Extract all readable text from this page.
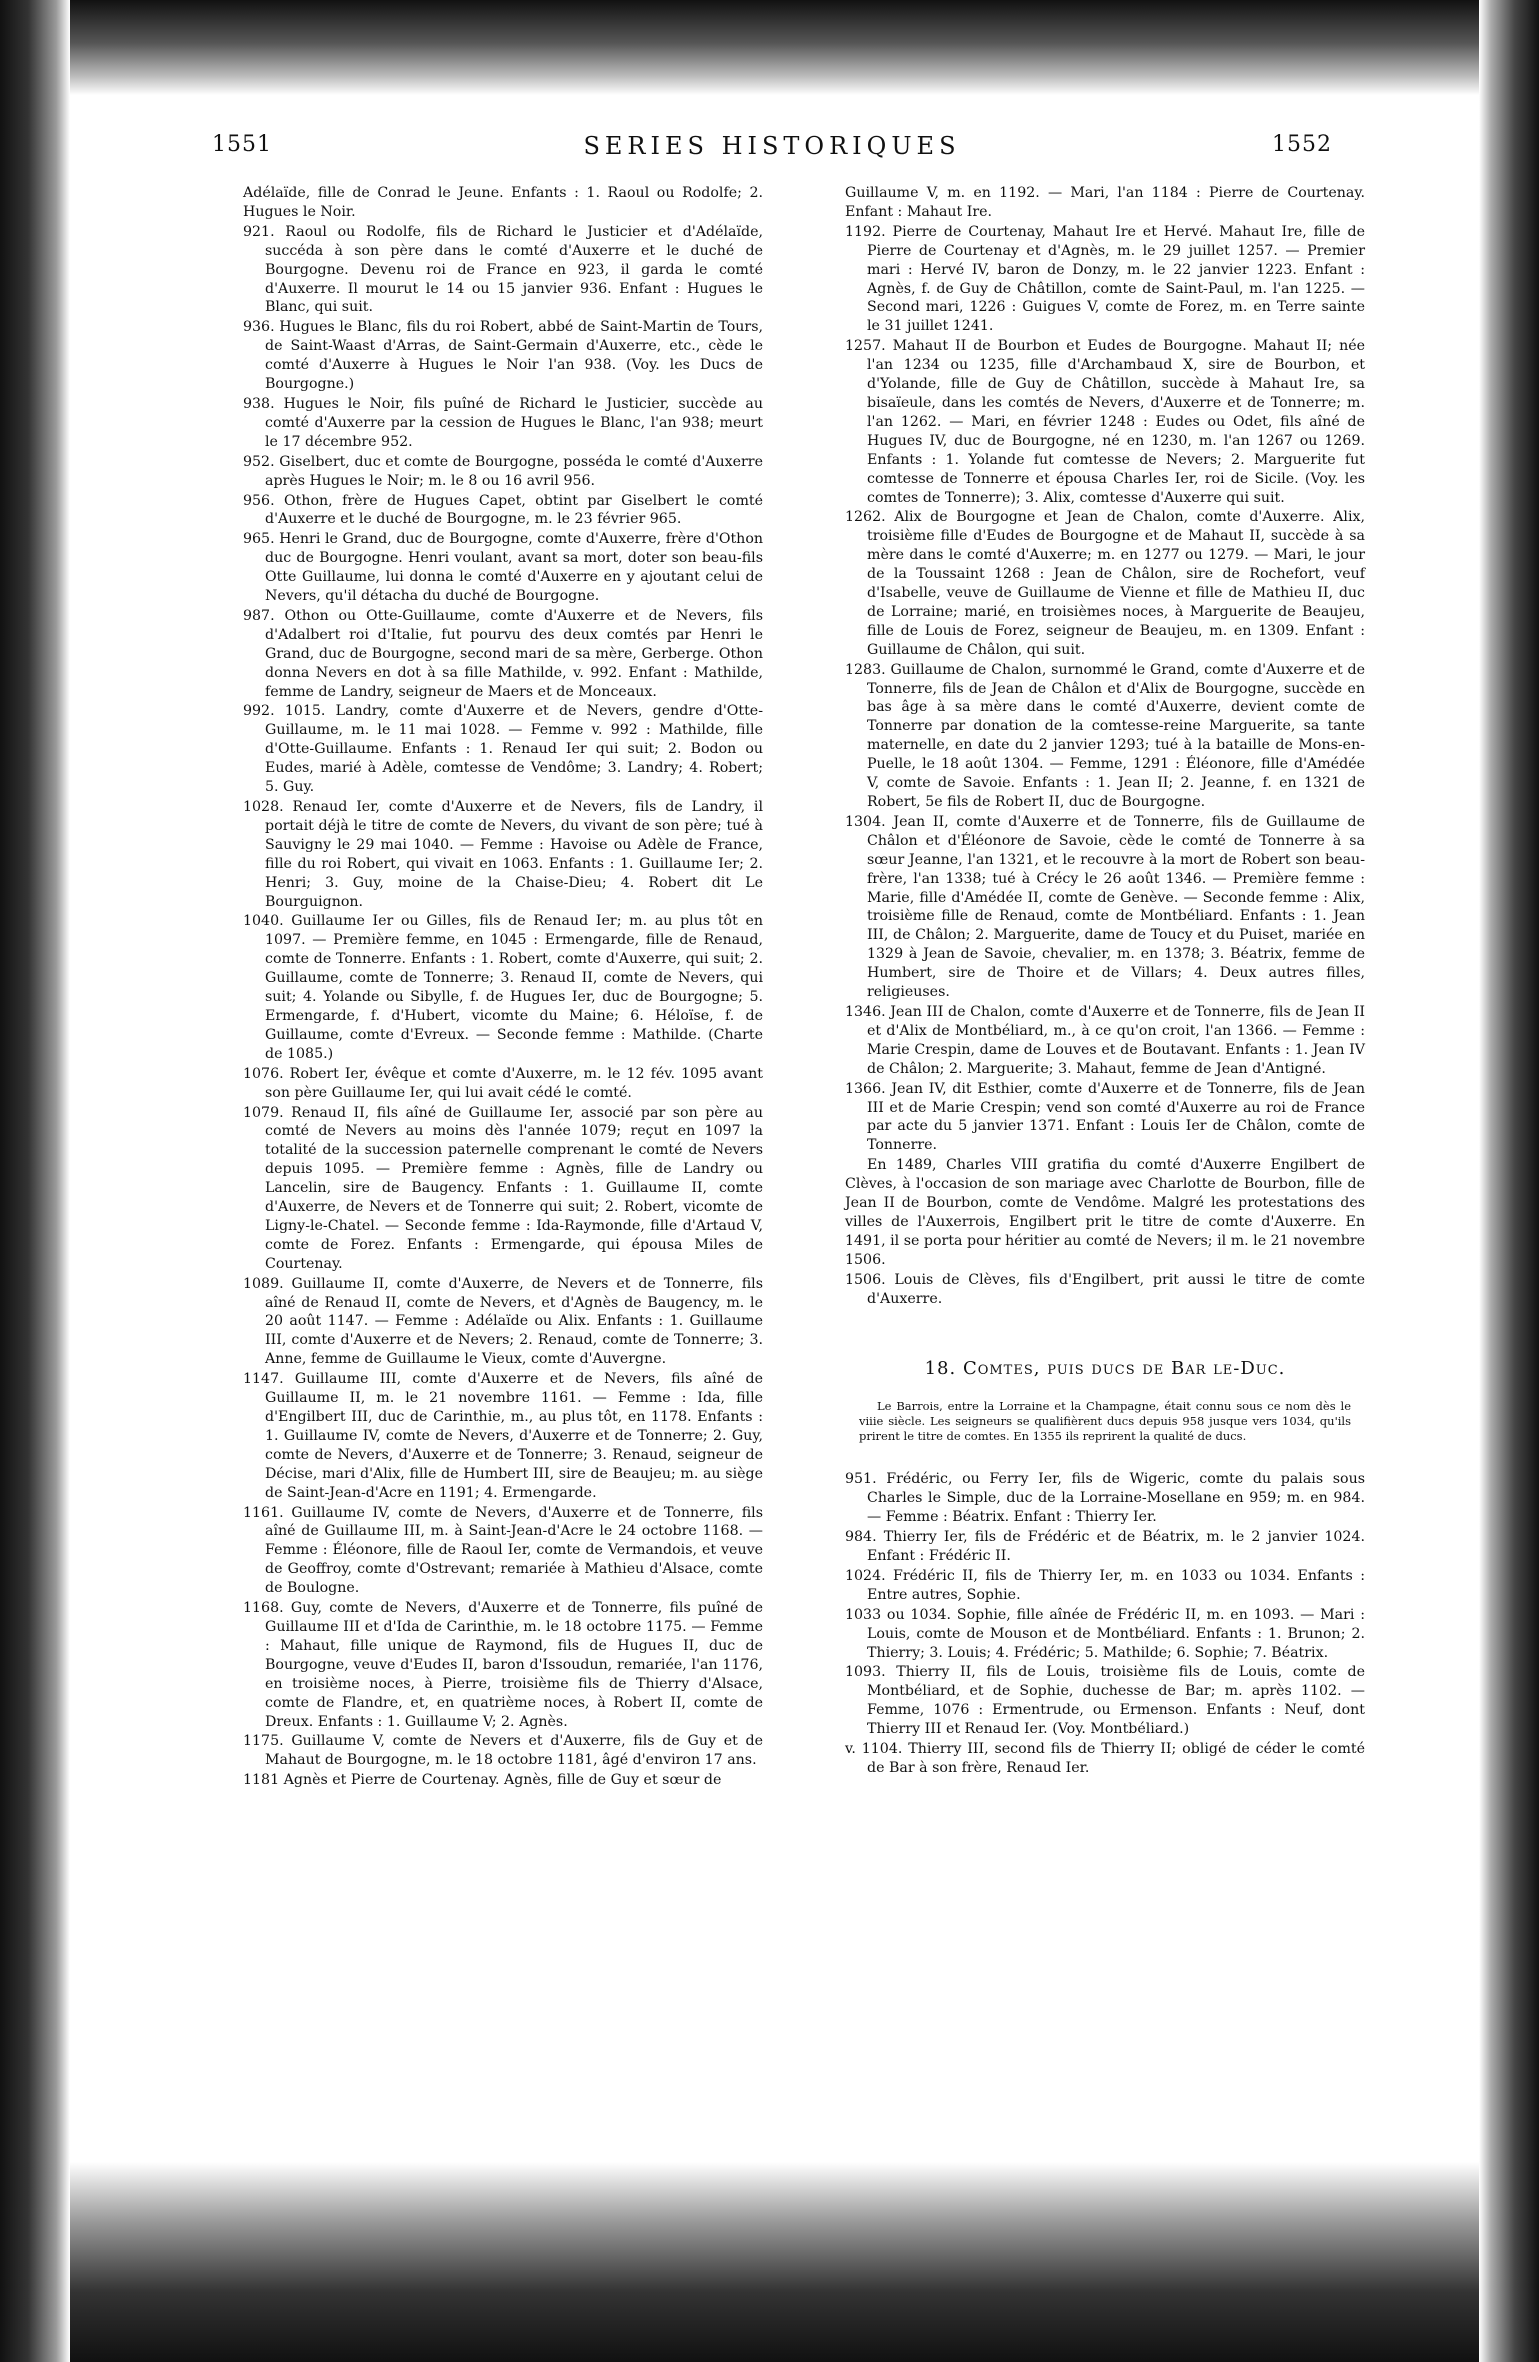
1551	SERIES HISTORIQUES	1552

Adélaïde, fille de Conrad le Jeune. Enfants : 1. Raoul ou Rodolfe; 2. Hugues le Noir.

921. Raoul ou Rodolfe, fils de Richard le Justicier et d'Adélaïde, succéda à son père dans le comté d'Auxerre et le duché de Bourgogne. Devenu roi de France en 923, il garda le comté d'Auxerre. Il mourut le 14 ou 15 janvier 936. Enfant : Hugues le Blanc, qui suit.

936. Hugues le Blanc, fils du roi Robert, abbé de Saint-Martin de Tours, de Saint-Waast d'Arras, de Saint-Germain d'Auxerre, etc., cède le comté d'Auxerre à Hugues le Noir l'an 938. (Voy. les Ducs de Bourgogne.)

938. Hugues le Noir, fils puîné de Richard le Justicier, succède au comté d'Auxerre par la cession de Hugues le Blanc, l'an 938; meurt le 17 décembre 952.

952. Giselbert, duc et comte de Bourgogne, posséda le comté d'Auxerre après Hugues le Noir; m. le 8 ou 16 avril 956.

956. Othon, frère de Hugues Capet, obtint par Giselbert le comté d'Auxerre et le duché de Bourgogne, m. le 23 février 965.

965. Henri le Grand, duc de Bourgogne, comte d'Auxerre, frère d'Othon duc de Bourgogne. Henri voulant, avant sa mort, doter son beau-fils Otte Guillaume, lui donna le comté d'Auxerre en y ajoutant celui de Nevers, qu'il détacha du duché de Bourgogne.

987. Othon ou Otte-Guillaume, comte d'Auxerre et de Nevers, fils d'Adalbert roi d'Italie, fut pourvu des deux comtés par Henri le Grand, duc de Bourgogne, second mari de sa mère, Gerberge. Othon donna Nevers en dot à sa fille Mathilde, v. 992. Enfant : Mathilde, femme de Landry, seigneur de Maers et de Monceaux.

992. 1015. Landry, comte d'Auxerre et de Nevers, gendre d'Otte-Guillaume, m. le 11 mai 1028. — Femme v. 992 : Mathilde, fille d'Otte-Guillaume. Enfants : 1. Renaud Ier qui suit; 2. Bodon ou Eudes, marié à Adèle, comtesse de Vendôme; 3. Landry; 4. Robert; 5. Guy.

1028. Renaud Ier, comte d'Auxerre et de Nevers, fils de Landry, il portait déjà le titre de comte de Nevers, du vivant de son père; tué à Sauvigny le 29 mai 1040. — Femme : Havoise ou Adèle de France, fille du roi Robert, qui vivait en 1063. Enfants : 1. Guillaume Ier; 2. Henri; 3. Guy, moine de la Chaise-Dieu; 4. Robert dit Le Bourguignon.

1040. Guillaume Ier ou Gilles, fils de Renaud Ier; m. au plus tôt en 1097. — Première femme, en 1045 : Ermengarde, fille de Renaud, comte de Tonnerre. Enfants : 1. Robert, comte d'Auxerre, qui suit; 2. Guillaume, comte de Tonnerre; 3. Renaud II, comte de Nevers, qui suit; 4. Yolande ou Sibylle, f. de Hugues Ier, duc de Bourgogne; 5. Ermengarde, f. d'Hubert, vicomte du Maine; 6. Héloïse, f. de Guillaume, comte d'Evreux. — Seconde femme : Mathilde. (Charte de 1085.)

1076. Robert Ier, évêque et comte d'Auxerre, m. le 12 fév. 1095 avant son père Guillaume Ier, qui lui avait cédé le comté.

1079. Renaud II, fils aîné de Guillaume Ier, associé par son père au comté de Nevers au moins dès l'année 1079; reçut en 1097 la totalité de la succession paternelle comprenant le comté de Nevers depuis 1095. — Première femme : Agnès, fille de Landry ou Lancelin, sire de Baugency. Enfants : 1. Guillaume II, comte d'Auxerre, de Nevers et de Tonnerre qui suit; 2. Robert, vicomte de Ligny-le-Chatel. — Seconde femme : Ida-Raymonde, fille d'Artaud V, comte de Forez. Enfants : Ermengarde, qui épousa Miles de Courtenay.

1089. Guillaume II, comte d'Auxerre, de Nevers et de Tonnerre, fils aîné de Renaud II, comte de Nevers, et d'Agnès de Baugency, m. le 20 août 1147. — Femme : Adélaïde ou Alix. Enfants : 1. Guillaume III, comte d'Auxerre et de Nevers; 2. Renaud, comte de Tonnerre; 3. Anne, femme de Guillaume le Vieux, comte d'Auvergne.

1147. Guillaume III, comte d'Auxerre et de Nevers, fils aîné de Guillaume II, m. le 21 novembre 1161. — Femme : Ida, fille d'Engilbert III, duc de Carinthie, m., au plus tôt, en 1178. Enfants : 1. Guillaume IV, comte de Nevers, d'Auxerre et de Tonnerre; 2. Guy, comte de Nevers, d'Auxerre et de Tonnerre; 3. Renaud, seigneur de Décise, mari d'Alix, fille de Humbert III, sire de Beaujeu; m. au siège de Saint-Jean-d'Acre en 1191; 4. Ermengarde.

1161. Guillaume IV, comte de Nevers, d'Auxerre et de Tonnerre, fils aîné de Guillaume III, m. à Saint-Jean-d'Acre le 24 octobre 1168. — Femme : Éléonore, fille de Raoul Ier, comte de Vermandois, et veuve de Geoffroy, comte d'Ostrevant; remariée à Mathieu d'Alsace, comte de Boulogne.

1168. Guy, comte de Nevers, d'Auxerre et de Tonnerre, fils puîné de Guillaume III et d'Ida de Carinthie, m. le 18 octobre 1175. — Femme : Mahaut, fille unique de Raymond, fils de Hugues II, duc de Bourgogne, veuve d'Eudes II, baron d'Issoudun, remariée, l'an 1176, en troisième noces, à Pierre, troisième fils de Thierry d'Alsace, comte de Flandre, et, en quatrième noces, à Robert II, comte de Dreux. Enfants : 1. Guillaume V; 2. Agnès.

1175. Guillaume V, comte de Nevers et d'Auxerre, fils de Guy et de Mahaut de Bourgogne, m. le 18 octobre 1181, âgé d'environ 17 ans.

1181 Agnès et Pierre de Courtenay. Agnès, fille de Guy et sœur de

Guillaume V, m. en 1192. — Mari, l'an 1184 : Pierre de Courtenay. Enfant : Mahaut Ire.

1192. Pierre de Courtenay, Mahaut Ire et Hervé. Mahaut Ire, fille de Pierre de Courtenay et d'Agnès, m. le 29 juillet 1257. — Premier mari : Hervé IV, baron de Donzy, m. le 22 janvier 1223. Enfant : Agnès, f. de Guy de Châtillon, comte de Saint-Paul, m. l'an 1225. — Second mari, 1226 : Guigues V, comte de Forez, m. en Terre sainte le 31 juillet 1241.

1257. Mahaut II de Bourbon et Eudes de Bourgogne. Mahaut II; née l'an 1234 ou 1235, fille d'Archambaud X, sire de Bourbon, et d'Yolande, fille de Guy de Châtillon, succède à Mahaut Ire, sa bisaïeule, dans les comtés de Nevers, d'Auxerre et de Tonnerre; m. l'an 1262. — Mari, en février 1248 : Eudes ou Odet, fils aîné de Hugues IV, duc de Bourgogne, né en 1230, m. l'an 1267 ou 1269. Enfants : 1. Yolande fut comtesse de Nevers; 2. Marguerite fut comtesse de Tonnerre et épousa Charles Ier, roi de Sicile. (Voy. les comtes de Tonnerre); 3. Alix, comtesse d'Auxerre qui suit.

1262. Alix de Bourgogne et Jean de Chalon, comte d'Auxerre. Alix, troisième fille d'Eudes de Bourgogne et de Mahaut II, succède à sa mère dans le comté d'Auxerre; m. en 1277 ou 1279. — Mari, le jour de la Toussaint 1268 : Jean de Châlon, sire de Rochefort, veuf d'Isabelle, veuve de Guillaume de Vienne et fille de Mathieu II, duc de Lorraine; marié, en troisièmes noces, à Marguerite de Beaujeu, fille de Louis de Forez, seigneur de Beaujeu, m. en 1309. Enfant : Guillaume de Châlon, qui suit.

1283. Guillaume de Chalon, surnommé le Grand, comte d'Auxerre et de Tonnerre, fils de Jean de Châlon et d'Alix de Bourgogne, succède en bas âge à sa mère dans le comté d'Auxerre, devient comte de Tonnerre par donation de la comtesse-reine Marguerite, sa tante maternelle, en date du 2 janvier 1293; tué à la bataille de Mons-en-Puelle, le 18 août 1304. — Femme, 1291 : Éléonore, fille d'Amédée V, comte de Savoie. Enfants : 1. Jean II; 2. Jeanne, f. en 1321 de Robert, 5e fils de Robert II, duc de Bourgogne.

1304. Jean II, comte d'Auxerre et de Tonnerre, fils de Guillaume de Châlon et d'Éléonore de Savoie, cède le comté de Tonnerre à sa sœur Jeanne, l'an 1321, et le recouvre à la mort de Robert son beau-frère, l'an 1338; tué à Crécy le 26 août 1346. — Première femme : Marie, fille d'Amédée II, comte de Genève. — Seconde femme : Alix, troisième fille de Renaud, comte de Montbéliard. Enfants : 1. Jean III, de Châlon; 2. Marguerite, dame de Toucy et du Puiset, mariée en 1329 à Jean de Savoie, chevalier, m. en 1378; 3. Béatrix, femme de Humbert, sire de Thoire et de Villars; 4. Deux autres filles, religieuses.

1346. Jean III de Chalon, comte d'Auxerre et de Tonnerre, fils de Jean II et d'Alix de Montbéliard, m., à ce qu'on croit, l'an 1366. — Femme : Marie Crespin, dame de Louves et de Boutavant. Enfants : 1. Jean IV de Châlon; 2. Marguerite; 3. Mahaut, femme de Jean d'Antigné.

1366. Jean IV, dit Esthier, comte d'Auxerre et de Tonnerre, fils de Jean III et de Marie Crespin; vend son comté d'Auxerre au roi de France par acte du 5 janvier 1371. Enfant : Louis Ier de Châlon, comte de Tonnerre.

En 1489, Charles VIII gratifia du comté d'Auxerre Engilbert de Clèves, à l'occasion de son mariage avec Charlotte de Bourbon, fille de Jean II de Bourbon, comte de Vendôme. Malgré les protestations des villes de l'Auxerrois, Engilbert prit le titre de comte d'Auxerre. En 1491, il se porta pour héritier au comté de Nevers; il m. le 21 novembre 1506.

1506. Louis de Clèves, fils d'Engilbert, prit aussi le titre de comte d'Auxerre.

18. Comtes, puis ducs de Bar le-Duc.

Le Barrois, entre la Lorraine et la Champagne, était connu sous ce nom dès le viiie siècle. Les seigneurs se qualifièrent ducs depuis 958 jusque vers 1034, qu'ils prirent le titre de comtes. En 1355 ils reprirent la qualité de ducs.

951. Frédéric, ou Ferry Ier, fils de Wigeric, comte du palais sous Charles le Simple, duc de la Lorraine-Mosellane en 959; m. en 984. — Femme : Béatrix. Enfant : Thierry Ier.

984. Thierry Ier, fils de Frédéric et de Béatrix, m. le 2 janvier 1024. Enfant : Frédéric II.

1024. Frédéric II, fils de Thierry Ier, m. en 1033 ou 1034. Enfants : Entre autres, Sophie.

1033 ou 1034. Sophie, fille aînée de Frédéric II, m. en 1093. — Mari : Louis, comte de Mouson et de Montbéliard. Enfants : 1. Brunon; 2. Thierry; 3. Louis; 4. Frédéric; 5. Mathilde; 6. Sophie; 7. Béatrix.

1093. Thierry II, fils de Louis, troisième fils de Louis, comte de Montbéliard, et de Sophie, duchesse de Bar; m. après 1102. — Femme, 1076 : Ermentrude, ou Ermenson. Enfants : Neuf, dont Thierry III et Renaud Ier. (Voy. Montbéliard.)

v. 1104. Thierry III, second fils de Thierry II; obligé de céder le comté de Bar à son frère, Renaud Ier.
